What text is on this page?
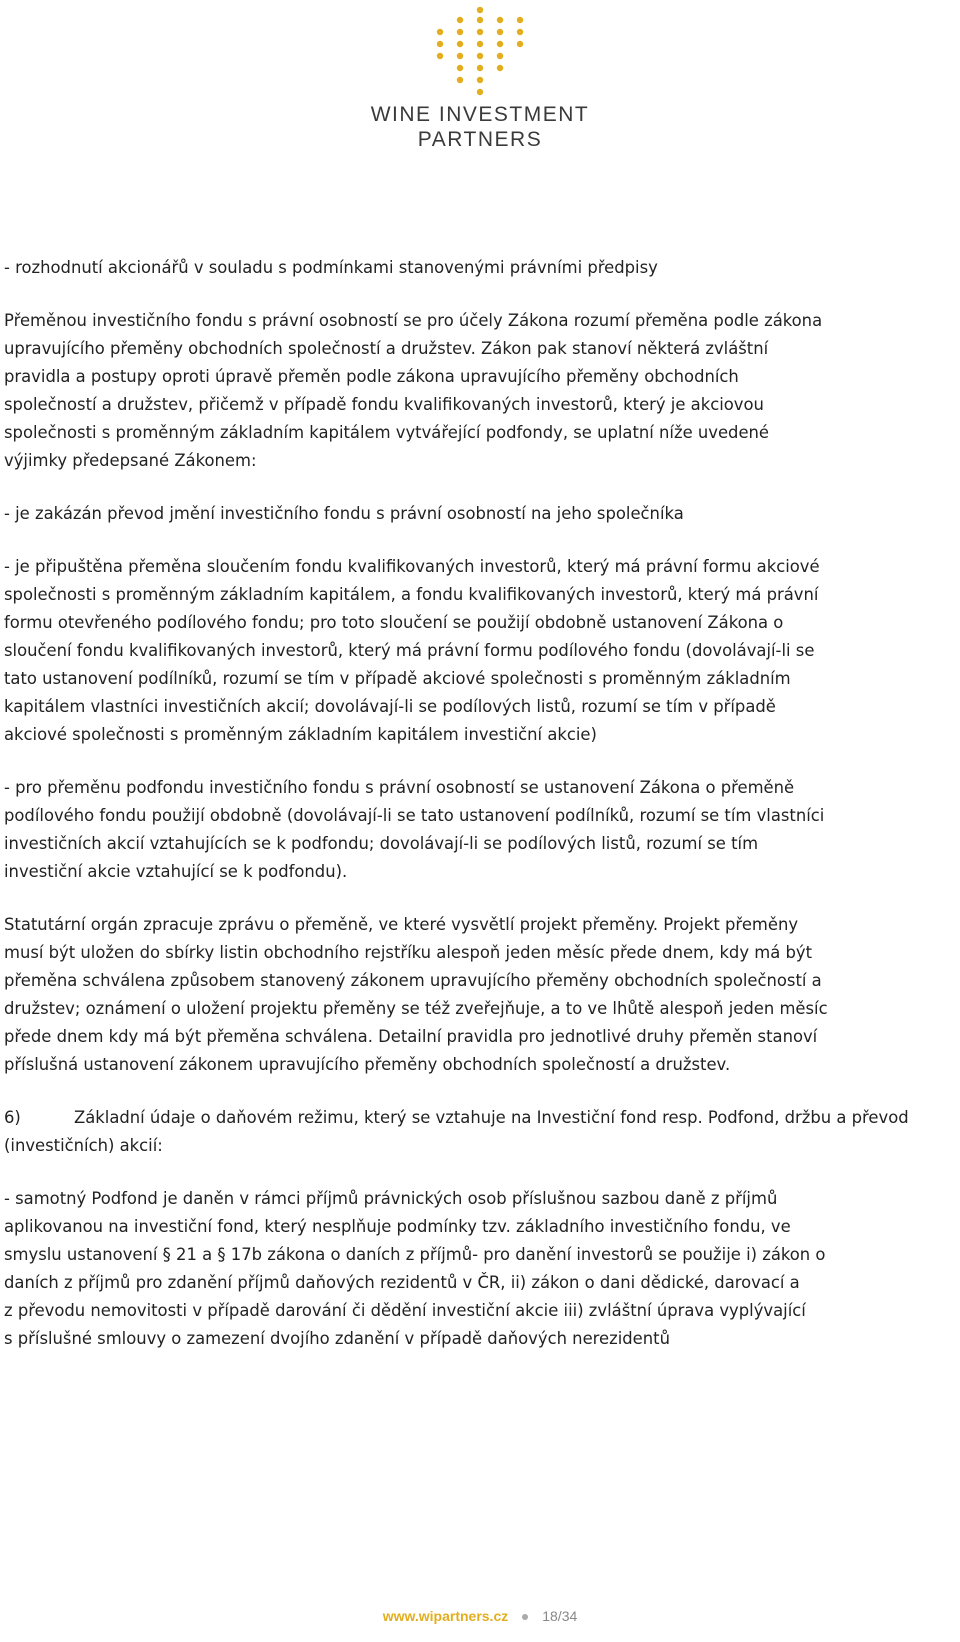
WINE INVESTMENT
PARTNERS

- rozhodnutí akcionářů v souladu s podmínkami stanovenými právními předpisy

Přeměnou investičního fondu s právní osobností se pro účely Zákona rozumí přeměna podle zákona
upravujícího přeměny obchodních společností a družstev. Zákon pak stanoví některá zvláštní
pravidla a postupy oproti úpravě přeměn podle zákona upravujícího přeměny obchodních
společností a družstev, přičemž v případě fondu kvalifikovaných investorů, který je akciovou
společnosti s proměnným základním kapitálem vytvářející podfondy, se uplatní níže uvedené
výjimky předepsané Zákonem:

- je zakázán převod jmění investičního fondu s právní osobností na jeho společníka

- je připuštěna přeměna sloučením fondu kvalifikovaných investorů, který má právní formu akciové
společnosti s proměnným základním kapitálem, a fondu kvalifikovaných investorů, který má právní
formu otevřeného podílového fondu; pro toto sloučení se použijí obdobně ustanovení Zákona o
sloučení fondu kvalifikovaných investorů, který má právní formu podílového fondu (dovolávají-li se
tato ustanovení podílníků, rozumí se tím v případě akciové společnosti s proměnným základním
kapitálem vlastníci investičních akcií; dovolávají-li se podílových listů, rozumí se tím v případě
akciové společnosti s proměnným základním kapitálem investiční akcie)

- pro přeměnu podfondu investičního fondu s právní osobností se ustanovení Zákona o přeměně
podílového fondu použijí obdobně (dovolávají-li se tato ustanovení podílníků, rozumí se tím vlastníci
investičních akcií vztahujících se k podfondu; dovolávají-li se podílových listů, rozumí se tím
investiční akcie vztahující se k podfondu).

Statutární orgán zpracuje zprávu o přeměně, ve které vysvětlí projekt přeměny. Projekt přeměny
musí být uložen do sbírky listin obchodního rejstříku alespoň jeden měsíc přede dnem, kdy má být
přeměna schválena způsobem stanovený zákonem upravujícího přeměny obchodních společností a
družstev; oznámení o uložení projektu přeměny se též zveřejňuje, a to ve lhůtě alespoň jeden měsíc
přede dnem kdy má být přeměna schválena. Detailní pravidla pro jednotlivé druhy přeměn stanoví
příslušná ustanovení zákonem upravujícího přeměny obchodních společností a družstev.

6)	Základní údaje o daňovém režimu, který se vztahuje na Investiční fond resp. Podfond, držbu a převod (investičních) akcií:

- samotný Podfond je daněn v rámci příjmů právnických osob příslušnou sazbou daně z příjmů
aplikovanou na investiční fond, který nesplňuje podmínky tzv. základního investičního fondu, ve
smyslu ustanovení § 21 a § 17b zákona o daních z příjmů- pro danění investorů se použije i) zákon o
daních z příjmů pro zdanění příjmů daňových rezidentů v ČR, ii) zákon o dani dědické, darovací a
z převodu nemovitosti v případě darování či dědění investiční akcie iii) zvláštní úprava vyplývající
s příslušné smlouvy o zamezení dvojího zdanění v případě daňových nerezidentů

www.wipartners.cz 18/34
